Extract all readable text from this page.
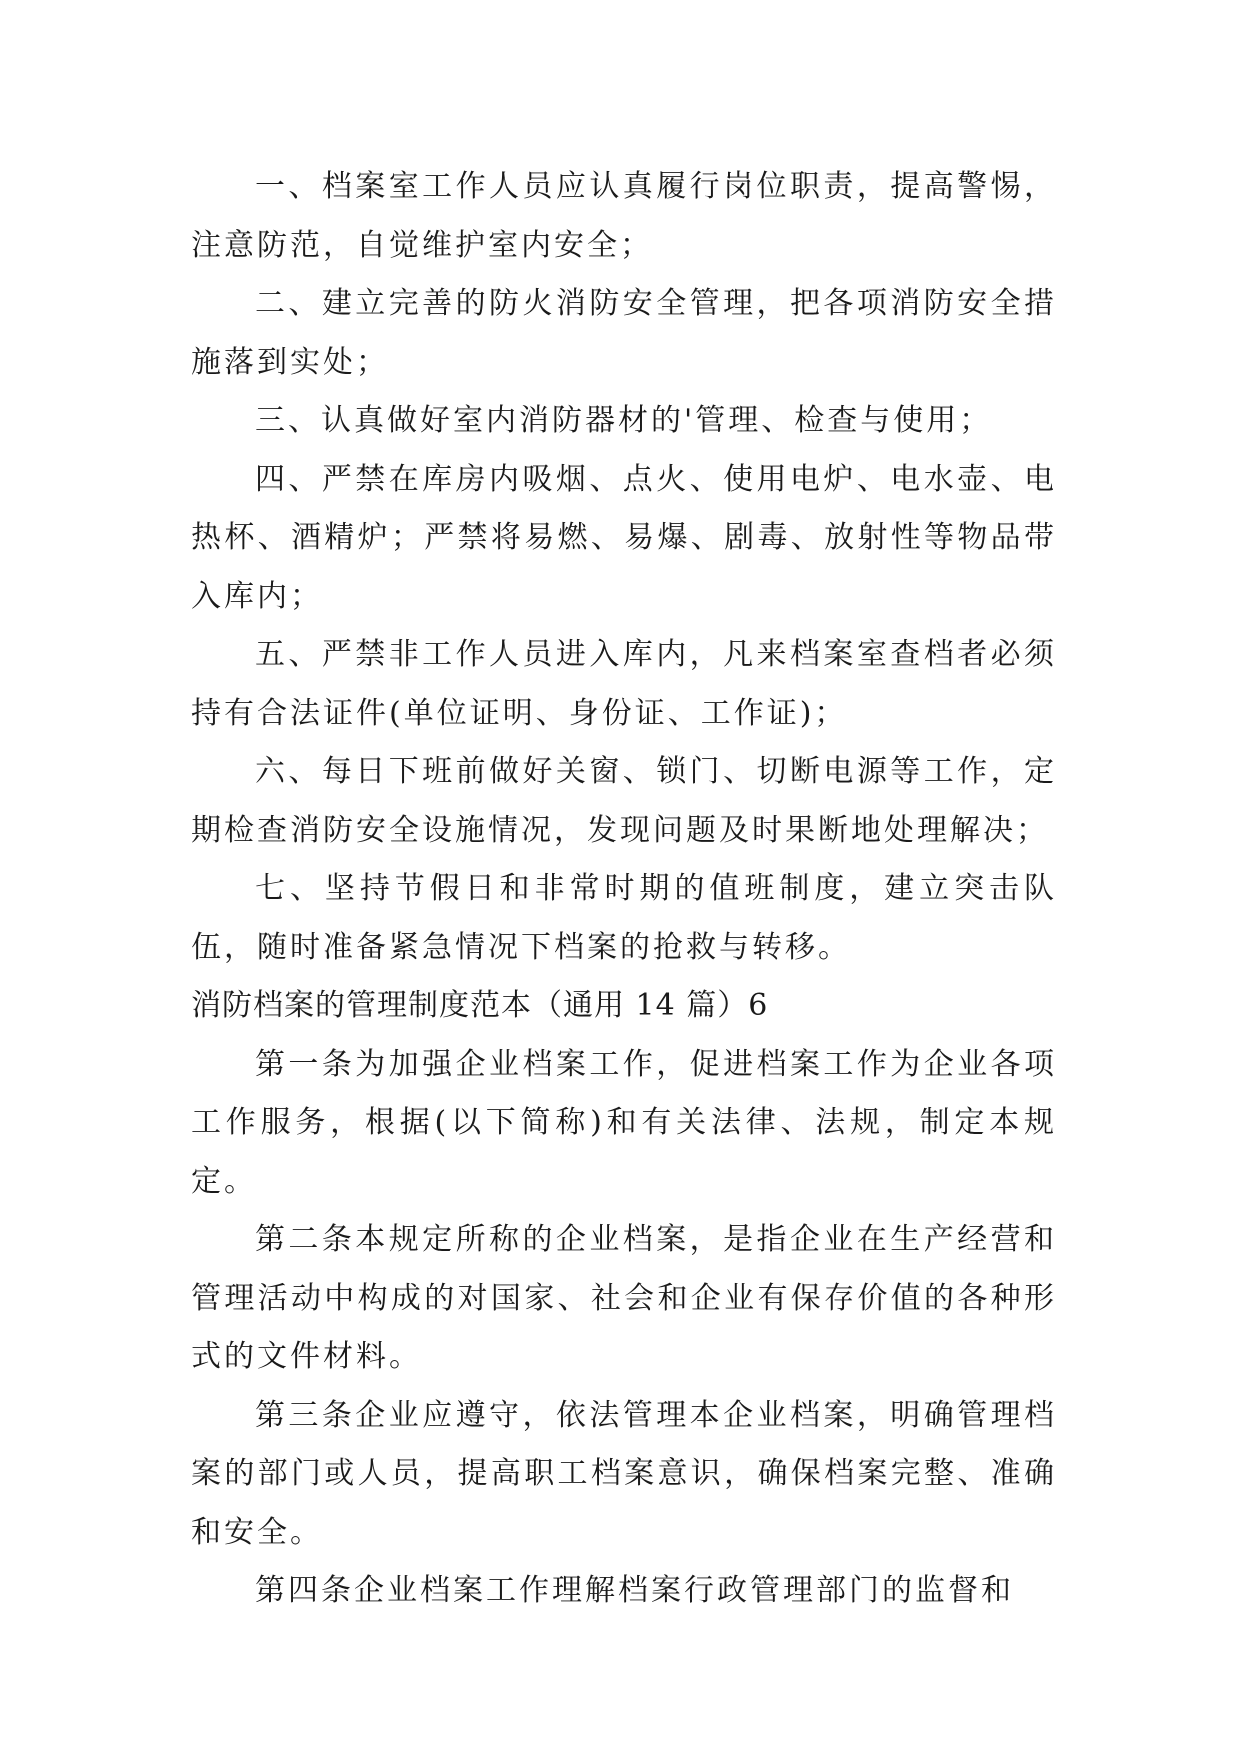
一、档案室工作人员应认真履行岗位职责，提高警惕，注意防范，自觉维护室内安全；

二、建立完善的防火消防安全管理，把各项消防安全措施落到实处；

三、认真做好室内消防器材的'管理、检查与使用；

四、严禁在库房内吸烟、点火、使用电炉、电水壶、电热杯、酒精炉；严禁将易燃、易爆、剧毒、放射性等物品带入库内；

五、严禁非工作人员进入库内，凡来档案室查档者必须持有合法证件(单位证明、身份证、工作证)；

六、每日下班前做好关窗、锁门、切断电源等工作，定期检查消防安全设施情况，发现问题及时果断地处理解决；

七、坚持节假日和非常时期的值班制度，建立突击队伍，随时准备紧急情况下档案的抢救与转移。

消防档案的管理制度范本（通用 14 篇）6

第一条为加强企业档案工作，促进档案工作为企业各项工作服务，根据(以下简称)和有关法律、法规，制定本规定。

第二条本规定所称的企业档案，是指企业在生产经营和管理活动中构成的对国家、社会和企业有保存价值的各种形式的文件材料。

第三条企业应遵守，依法管理本企业档案，明确管理档案的部门或人员，提高职工档案意识，确保档案完整、准确和安全。

第四条企业档案工作理解档案行政管理部门的监督和
